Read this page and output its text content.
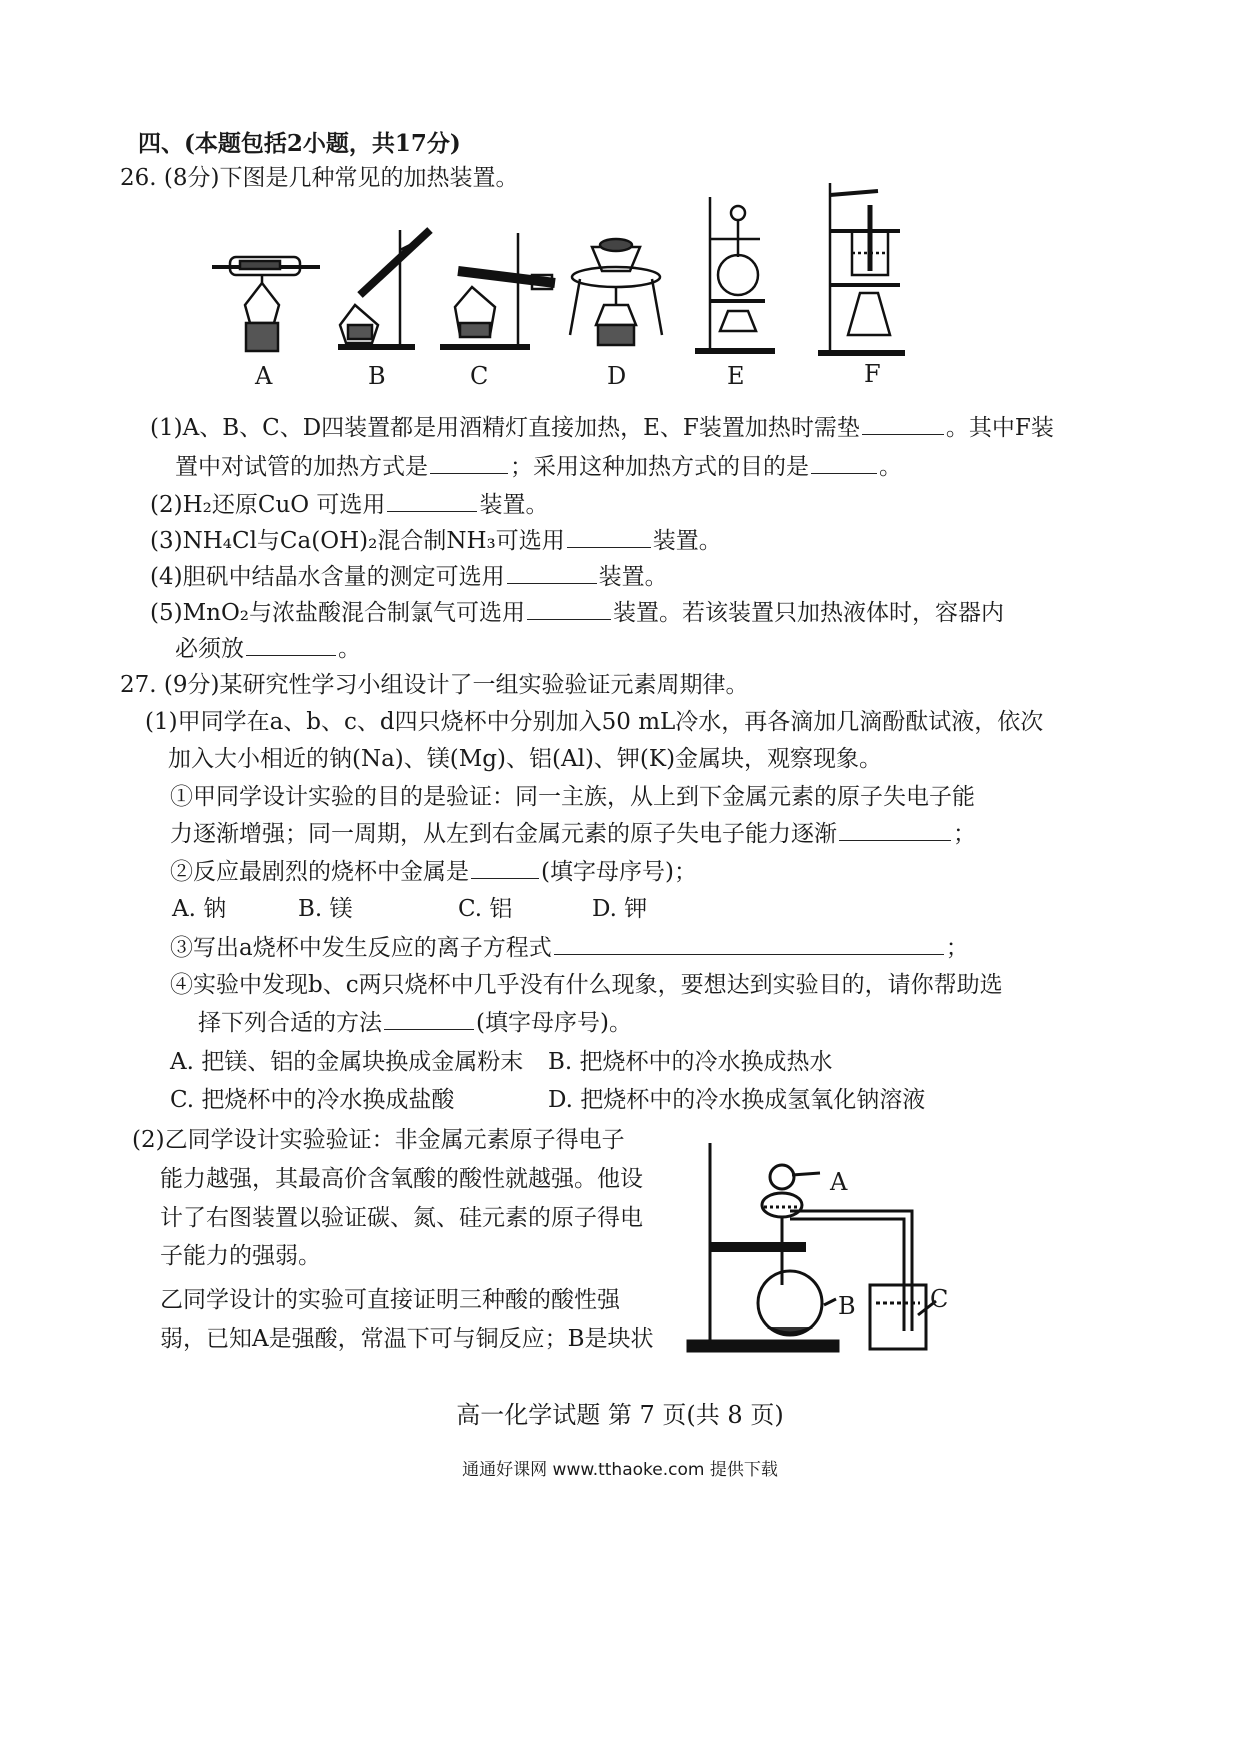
四、(本题包括2小题，共17分)
26. (8分)下图是几种常见的加热装置。
A	B	C	D	E	F
(1)A、B、C、D四装置都是用酒精灯直接加热，E、F装置加热时需垫	。其中F装
置中对试管的加热方式是	；采用这种加热方式的目的是	。
(2)H₂还原CuO 可选用	装置。
(3)NH₄Cl与Ca(OH)₂混合制NH₃可选用	装置。
(4)胆矾中结晶水含量的测定可选用	装置。
(5)MnO₂与浓盐酸混合制氯气可选用	装置。若该装置只加热液体时，容器内
必须放	。
27. (9分)某研究性学习小组设计了一组实验验证元素周期律。
(1)甲同学在a、b、c、d四只烧杯中分别加入50 mL冷水，再各滴加几滴酚酞试液，依次
加入大小相近的钠(Na)、镁(Mg)、铝(Al)、钾(K)金属块，观察现象。
①甲同学设计实验的目的是验证：同一主族，从上到下金属元素的原子失电子能
力逐渐增强；同一周期，从左到右金属元素的原子失电子能力逐渐	；
②反应最剧烈的烧杯中金属是	(填字母序号)；
A. 钠	B. 镁	C. 铝	D. 钾
③写出a烧杯中发生反应的离子方程式	；
④实验中发现b、c两只烧杯中几乎没有什么现象，要想达到实验目的，请你帮助选
择下列合适的方法	(填字母序号)。
A. 把镁、铝的金属块换成金属粉末 B. 把烧杯中的冷水换成热水
C. 把烧杯中的冷水换成盐酸	D. 把烧杯中的冷水换成氢氧化钠溶液
(2)乙同学设计实验验证：非金属元素原子得电子
能力越强，其最高价含氧酸的酸性就越强。他设
计了右图装置以验证碳、氮、硅元素的原子得电
子能力的强弱。
乙同学设计的实验可直接证明三种酸的酸性强
弱，已知A是强酸，常温下可与铜反应；B是块状
A
B	C
高一化学试题 第 7 页(共 8 页)
通通好课网 www.tthaoke.com 提供下载
